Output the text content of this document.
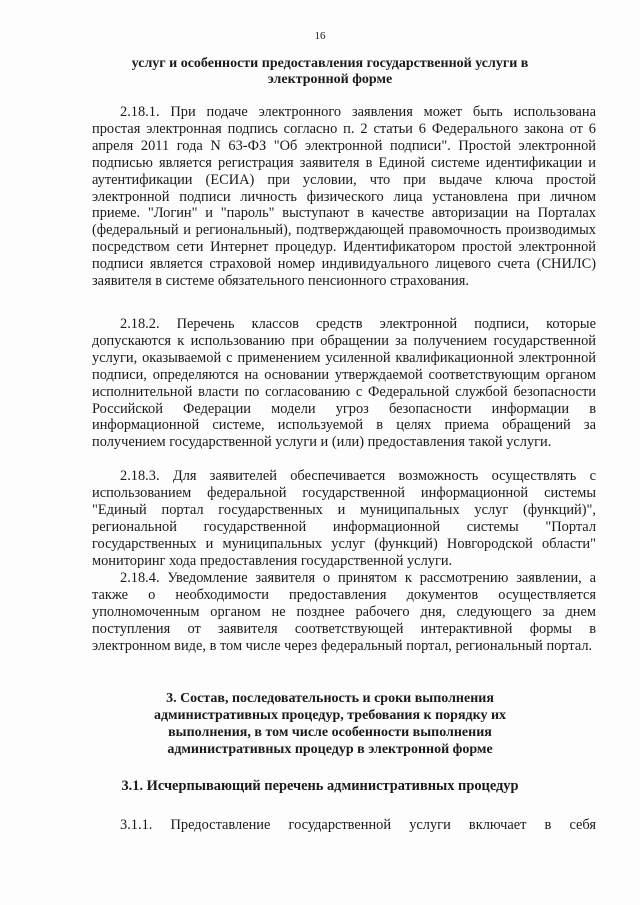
16
услуг и особенности предоставления государственной услуги в электронной форме

2.18.1. При подаче электронного заявления может быть использована простая электронная подпись согласно п. 2 статьи 6 Федерального закона от 6 апреля 2011 года N 63-ФЗ "Об электронной подписи". Простой электронной подписью является регистрация заявителя в Единой системе идентификации и аутентификации (ЕСИА) при условии, что при выдаче ключа простой электронной подписи личность физического лица установлена при личном приеме. "Логин" и "пароль" выступают в качестве авторизации на Порталах (федеральный и региональный), подтверждающей правомочность производимых посредством сети Интернет процедур. Идентификатором простой электронной подписи является страховой номер индивидуального лицевого счета (СНИЛС) заявителя в системе обязательного пенсионного страхования.

2.18.2. Перечень классов средств электронной подписи, которые допускаются к использованию при обращении за получением государственной услуги, оказываемой с применением усиленной квалификационной электронной подписи, определяются на основании утверждаемой соответствующим органом исполнительной власти по согласованию с Федеральной службой безопасности Российской Федерации модели угроз безопасности информации в информационной системе, используемой в целях приема обращений за получением государственной услуги и (или) предоставления такой услуги.

2.18.3. Для заявителей обеспечивается возможность осуществлять с использованием федеральной государственной информационной системы "Единый портал государственных и муниципальных услуг (функций)", региональной государственной информационной системы "Портал государственных и муниципальных услуг (функций) Новгородской области" мониторинг хода предоставления государственной услуги.

2.18.4. Уведомление заявителя о принятом к рассмотрению заявлении, а также о необходимости предоставления документов осуществляется уполномоченным органом не позднее рабочего дня, следующего за днем поступления от заявителя соответствующей интерактивной формы в электронном виде, в том числе через федеральный портал, региональный портал.

3. Состав, последовательность и сроки выполнения административных процедур, требования к порядку их выполнения, в том числе особенности выполнения административных процедур в электронной форме
3.1. Исчерпывающий перечень административных процедур
3.1.1. Предоставление государственной услуги включает в себя
